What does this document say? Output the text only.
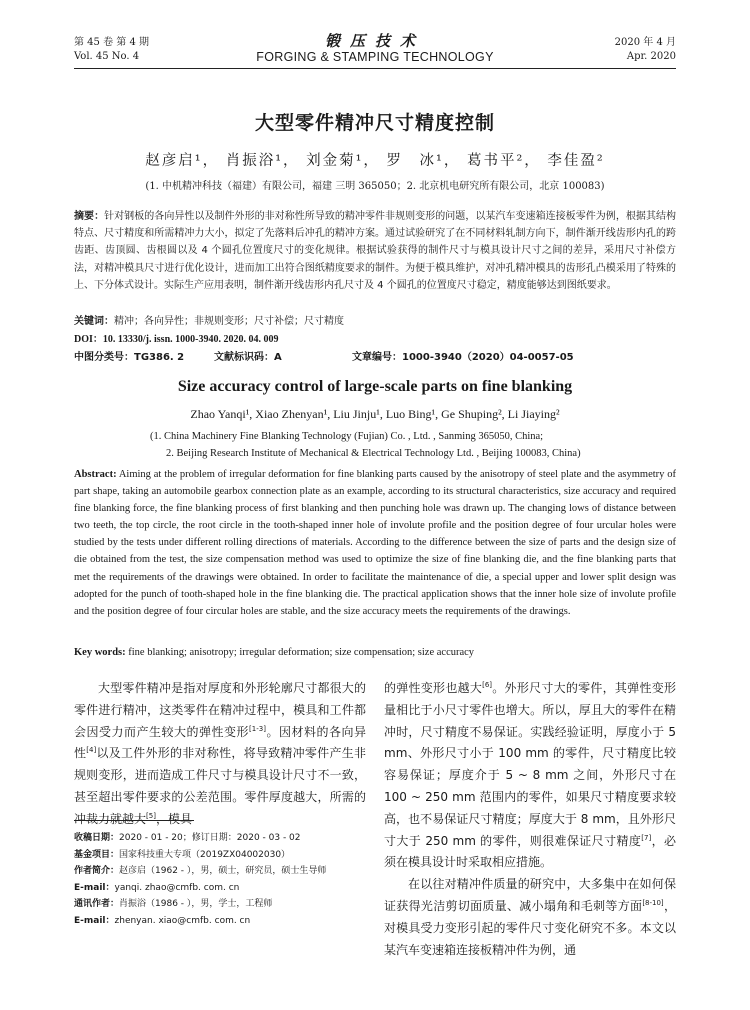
第 45 卷 第 4 期
Vol. 45 No. 4
锻压技术
FORGING & STAMPING TECHNOLOGY
2020 年 4 月
Apr. 2020
大型零件精冲尺寸精度控制
赵彦启¹， 肖振浴¹， 刘金菊¹， 罗　冰¹， 葛书平²， 李佳盈²
(1. 中机精冲科技（福建）有限公司，福建 三明 365050；2. 北京机电研究所有限公司，北京 100083)
摘要：针对钢板的各向异性以及制件外形的非对称性所导致的精冲零件非规则变形的问题，以某汽车变速箱连接板零件为例，根据其结构特点、尺寸精度和所需精冲力大小，拟定了先落料后冲孔的精冲方案。通过试验研究了在不同材料轧制方向下，制件渐开线齿形内孔的跨齿距、齿顶圆、齿根圆以及 4 个圆孔位置度尺寸的变化规律。根据试验获得的制件尺寸与模具设计尺寸之间的差异，采用尺寸补偿方法，对精冲模具尺寸进行优化设计，进而加工出符合图纸精度要求的制件。为便于模具维护，对冲孔精冲模具的齿形孔凸模采用了特殊的上、下分体式设计。实际生产应用表明，制件渐开线齿形内孔尺寸及 4 个圆孔的位置度尺寸稳定，精度能够达到图纸要求。
关键词：精冲；各向异性；非规则变形；尺寸补偿；尺寸精度
DOI：10. 13330/j. issn. 1000-3940. 2020. 04. 009
中图分类号：TG386. 2	文献标识码：A	文章编号：1000-3940（2020）04-0057-05
Size accuracy control of large-scale parts on fine blanking
Zhao Yanqi¹, Xiao Zhenyan¹, Liu Jinju¹, Luo Bing¹, Ge Shuping², Li Jiaying²
(1. China Machinery Fine Blanking Technology (Fujian) Co. , Ltd. , Sanming 365050, China;
2. Beijing Research Institute of Mechanical & Electrical Technology Ltd. , Beijing 100083, China)
Abstract: Aiming at the problem of irregular deformation for fine blanking parts caused by the anisotropy of steel plate and the asymmetry of part shape, taking an automobile gearbox connection plate as an example, according to its structural characteristics, size accuracy and required fine blanking force, the fine blanking process of first blanking and then punching hole was drawn up. The changing lows of distance between two teeth, the top circle, the root circle in the tooth-shaped inner hole of involute profile and the position degree of four urcular holes were studied by the tests under different rolling directions of materials. According to the difference between the size of parts and the design size of die obtained from the test, the size compensation method was used to optimize the size of fine blanking die, and the fine blanking parts that met the requirements of the drawings were obtained. In order to facilitate the maintenance of die, a special upper and lower split design was adopted for the punch of tooth-shaped hole in the fine blanking die. The practical application shows that the inner hole size of involute profile and the position degree of four circular holes are stable, and the size accuracy meets the requirements of the drawings.
Key words: fine blanking; anisotropy; irregular deformation; size compensation; size accuracy

大型零件精冲是指对厚度和外形轮廓尺寸都很大的零件进行精冲，这类零件在精冲过程中，模具和工件都会因受力而产生较大的弹性变形[1-3]。因材料的各向异性[4]以及工件外形的非对称性，将导致精冲零件产生非规则变形，进而造成工件尺寸与模具设计尺寸不一致，甚至超出零件要求的公差范围。零件厚度越大，所需的冲裁力就越大[5]，模具

的弹性变形也越大[6]。外形尺寸大的零件，其弹性变形量相比于小尺寸零件也增大。所以，厚且大的零件在精冲时，尺寸精度不易保证。实践经验证明，厚度小于 5 mm、外形尺寸小于 100 mm 的零件，尺寸精度比较容易保证；厚度介于 5 ~ 8 mm 之间，外形尺寸在 100 ~ 250 mm 范围内的零件，如果尺寸精度要求较高，也不易保证尺寸精度；厚度大于 8 mm，且外形尺寸大于 250 mm 的零件，则很难保证尺寸精度[7]，必须在模具设计时采取相应措施。

在以往对精冲件质量的研究中，大多集中在如何保证获得光洁剪切面质量、减小塌角和毛刺等方面[8-10]，对模具受力变形引起的零件尺寸变化研究不多。本文以某汽车变速箱连接板精冲件为例，通

收稿日期：2020 - 01 - 20；修订日期：2020 - 03 - 02
基金项目：国家科技重大专项（2019ZX04002030）
作者简介：赵彦启（1962 - ），男，硕士，研究员，硕士生导师
E-mail：yanqi. zhao@cmfb. com. cn
通讯作者：肖振浴（1986 - ），男，学士，工程师
E-mail：zhenyan. xiao@cmfb. com. cn
